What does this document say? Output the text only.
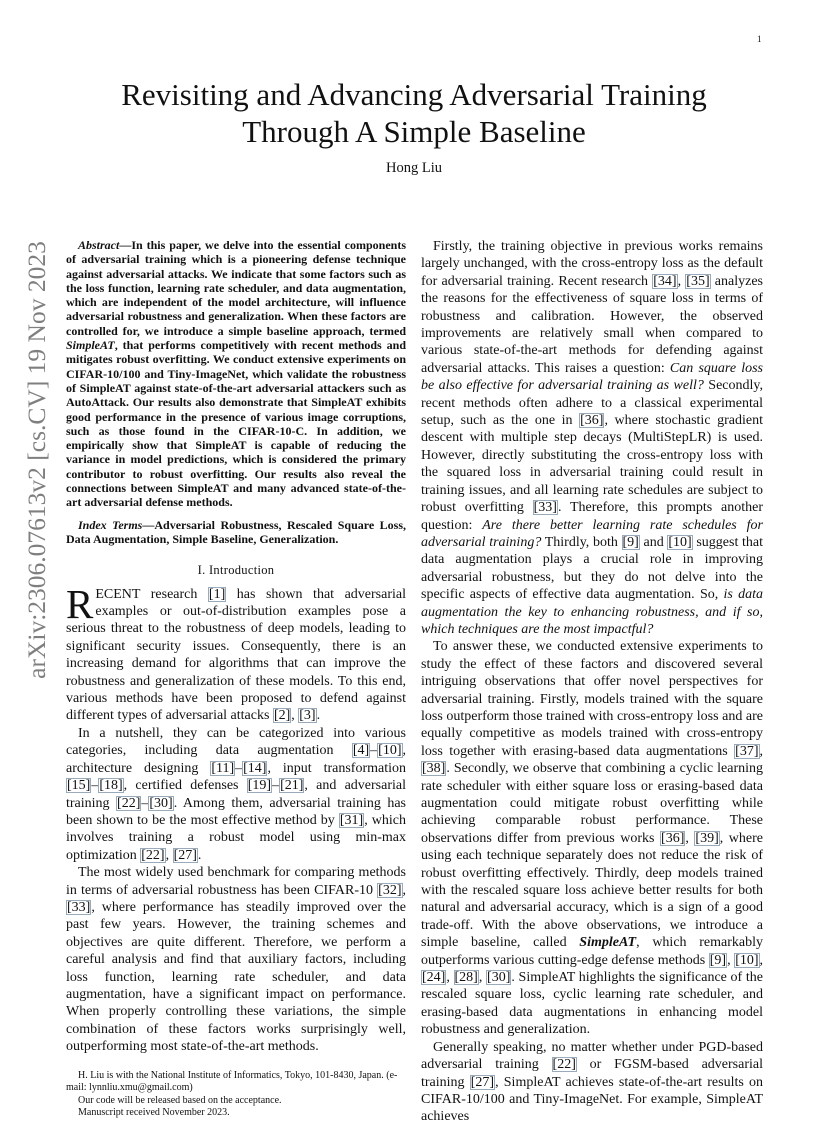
1
arXiv:2306.07613v2 [cs.CV] 19 Nov 2023
Revisiting and Advancing Adversarial Training
Through A Simple Baseline
Hong Liu

Abstract—In this paper, we delve into the essential components of adversarial training which is a pioneering defense technique against adversarial attacks. We indicate that some factors such as the loss function, learning rate scheduler, and data augmentation, which are independent of the model architecture, will influence adversarial robustness and generalization. When these factors are controlled for, we introduce a simple baseline approach, termed SimpleAT, that performs competitively with recent methods and mitigates robust overfitting. We conduct extensive experiments on CIFAR-10/100 and Tiny-ImageNet, which validate the robustness of SimpleAT against state-of-the-art adversarial attackers such as AutoAttack. Our results also demonstrate that SimpleAT exhibits good performance in the presence of various image corruptions, such as those found in the CIFAR-10-C. In addition, we empirically show that SimpleAT is capable of reducing the variance in model predictions, which is considered the primary contributor to robust overfitting. Our results also reveal the connections between SimpleAT and many advanced state-of-the-art adversarial defense methods.

Index Terms—Adversarial Robustness, Rescaled Square Loss, Data Augmentation, Simple Baseline, Generalization.

I. Introduction

RECENT research [1] has shown that adversarial examples or out-of-distribution examples pose a serious threat to the robustness of deep models, leading to significant security issues. Consequently, there is an increasing demand for algorithms that can improve the robustness and generalization of these models. To this end, various methods have been proposed to defend against different types of adversarial attacks [2], [3].

In a nutshell, they can be categorized into various categories, including data augmentation [4]–[10], architecture designing [11]–[14], input transformation [15]–[18], certified defenses [19]–[21], and adversarial training [22]–[30]. Among them, adversarial training has been shown to be the most effective method by [31], which involves training a robust model using min-max optimization [22], [27].

The most widely used benchmark for comparing methods in terms of adversarial robustness has been CIFAR-10 [32], [33], where performance has steadily improved over the past few years. However, the training schemes and objectives are quite different. Therefore, we perform a careful analysis and find that auxiliary factors, including loss function, learning rate scheduler, and data augmentation, have a significant impact on performance. When properly controlling these variations, the simple combination of these factors works surprisingly well, outperforming most state-of-the-art methods.

H. Liu is with the National Institute of Informatics, Tokyo, 101-8430, Japan. (e-mail: lynnliu.xmu@gmail.com)

Our code will be released based on the acceptance.

Manuscript received November 2023.

Firstly, the training objective in previous works remains largely unchanged, with the cross-entropy loss as the default for adversarial training. Recent research [34], [35] analyzes the reasons for the effectiveness of square loss in terms of robustness and calibration. However, the observed improvements are relatively small when compared to various state-of-the-art methods for defending against adversarial attacks. This raises a question: Can square loss be also effective for adversarial training as well? Secondly, recent methods often adhere to a classical experimental setup, such as the one in [36], where stochastic gradient descent with multiple step decays (MultiStepLR) is used. However, directly substituting the cross-entropy loss with the squared loss in adversarial training could result in training issues, and all learning rate schedules are subject to robust overfitting [33]. Therefore, this prompts another question: Are there better learning rate schedules for adversarial training? Thirdly, both [9] and [10] suggest that data augmentation plays a crucial role in improving adversarial robustness, but they do not delve into the specific aspects of effective data augmentation. So, is data augmentation the key to enhancing robustness, and if so, which techniques are the most impactful?

To answer these, we conducted extensive experiments to study the effect of these factors and discovered several intriguing observations that offer novel perspectives for adversarial training. Firstly, models trained with the square loss outperform those trained with cross-entropy loss and are equally competitive as models trained with cross-entropy loss together with erasing-based data augmentations [37], [38]. Secondly, we observe that combining a cyclic learning rate scheduler with either square loss or erasing-based data augmentation could mitigate robust overfitting while achieving comparable robust performance. These observations differ from previous works [36], [39], where using each technique separately does not reduce the risk of robust overfitting effectively. Thirdly, deep models trained with the rescaled square loss achieve better results for both natural and adversarial accuracy, which is a sign of a good trade-off. With the above observations, we introduce a simple baseline, called SimpleAT, which remarkably outperforms various cutting-edge defense methods [9], [10], [24], [28], [30]. SimpleAT highlights the significance of the rescaled square loss, cyclic learning rate scheduler, and erasing-based data augmentations in enhancing model robustness and generalization.

Generally speaking, no matter whether under PGD-based adversarial training [22] or FGSM-based adversarial training [27], SimpleAT achieves state-of-the-art results on CIFAR-10/100 and Tiny-ImageNet. For example, SimpleAT achieves
